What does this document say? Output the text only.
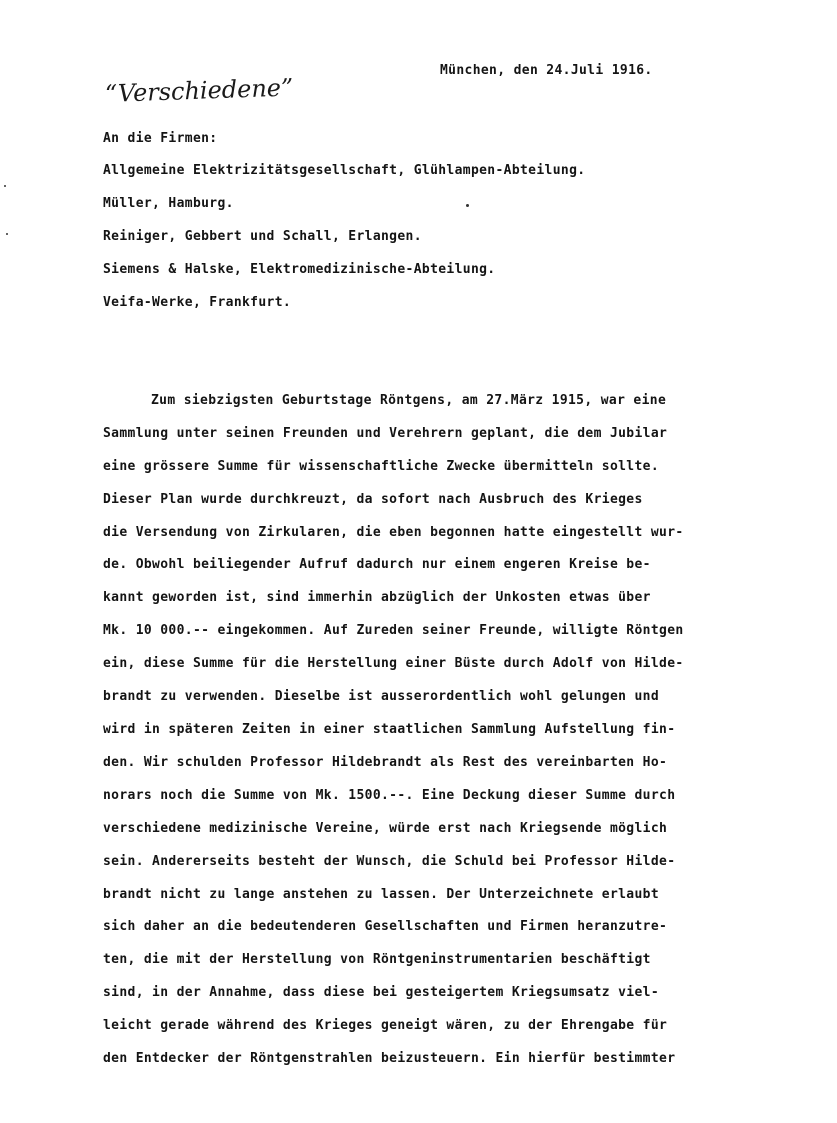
München, den 24.Juli 1916.
“Verschiedene”
An die Firmen:
Allgemeine Elektrizitätsgesellschaft, Glühlampen-Abteilung.
Müller, Hamburg.
Reiniger, Gebbert und Schall, Erlangen.
Siemens & Halske, Elektromedizinische-Abteilung.
Veifa-Werke, Frankfurt.
Zum siebzigsten Geburtstage Röntgens, am 27.März 1915, war eine
Sammlung unter seinen Freunden und Verehrern geplant, die dem Jubilar
eine grössere Summe für wissenschaftliche Zwecke übermitteln sollte.
Dieser Plan wurde durchkreuzt, da sofort nach Ausbruch des Krieges
die Versendung von Zirkularen, die eben begonnen hatte eingestellt wur-
de. Obwohl beiliegender Aufruf dadurch nur einem engeren Kreise be-
kannt geworden ist, sind immerhin abzüglich der Unkosten etwas über
Mk. 10 000.-- eingekommen. Auf Zureden seiner Freunde, willigte Röntgen
ein, diese Summe für die Herstellung einer Büste durch Adolf von Hilde-
brandt zu verwenden. Dieselbe ist ausserordentlich wohl gelungen und
wird in späteren Zeiten in einer staatlichen Sammlung Aufstellung fin-
den. Wir schulden Professor Hildebrandt als Rest des vereinbarten Ho-
norars noch die Summe von Mk. 1500.--. Eine Deckung dieser Summe durch
verschiedene medizinische Vereine, würde erst nach Kriegsende möglich
sein. Andererseits besteht der Wunsch, die Schuld bei Professor Hilde-
brandt nicht zu lange anstehen zu lassen. Der Unterzeichnete erlaubt
sich daher an die bedeutenderen Gesellschaften und Firmen heranzutre-
ten, die mit der Herstellung von Röntgeninstrumentarien beschäftigt
sind, in der Annahme, dass diese bei gesteigertem Kriegsumsatz viel-
leicht gerade während des Krieges geneigt wären, zu der Ehrengabe für
den Entdecker der Röntgenstrahlen beizusteuern. Ein hierfür bestimmter
